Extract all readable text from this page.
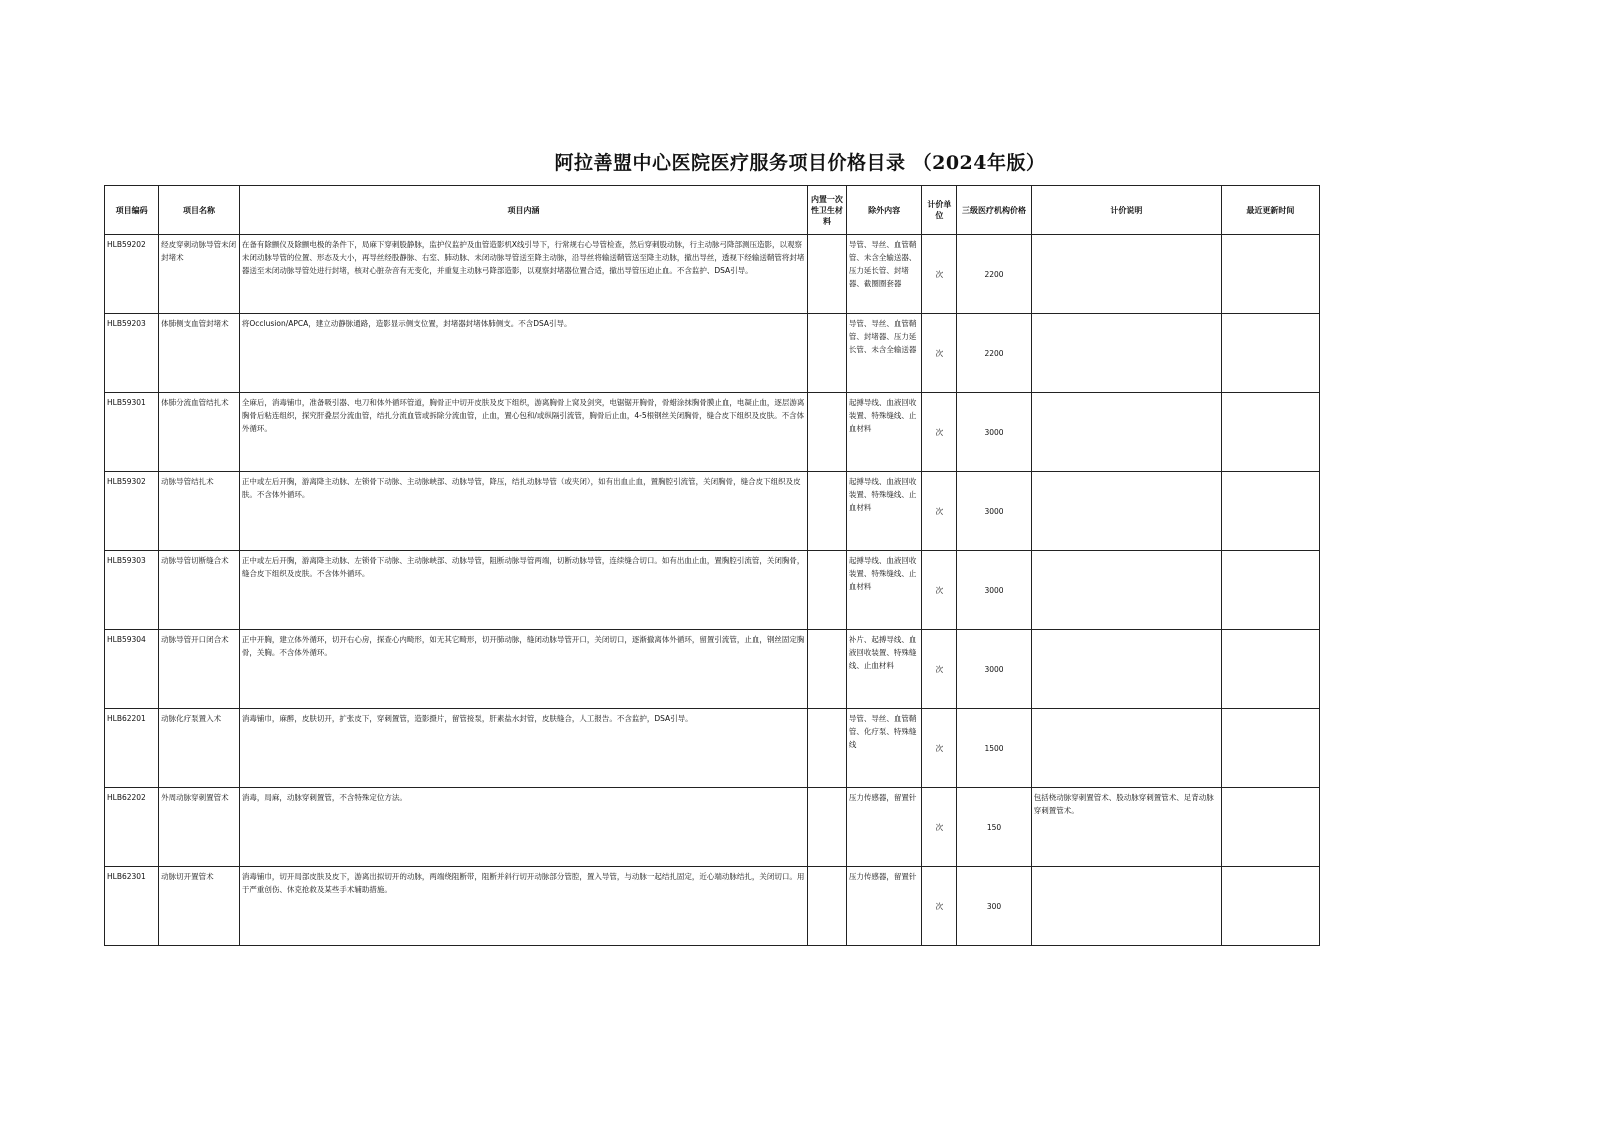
阿拉善盟中心医院医疗服务项目价格目录 （2024年版）
项目编码	项目名称	项目内涵	内置一次性卫生材料	除外内容	计价单位	三级医疗机构价格	计价说明	最近更新时间
HLB59202	经皮穿刺动脉导管未闭封堵术	在备有除颤仪及除颤电极的条件下，局麻下穿刺股静脉，监护仪监护及血管造影机X线引导下，行常规右心导管检查，然后穿刺股动脉，行主动脉弓降部测压造影，以观察未闭动脉导管的位置、形态及大小，再导丝经股静脉、右室、肺动脉、未闭动脉导管送至降主动脉，沿导丝将输送鞘管送至降主动脉，撤出导丝，透视下经输送鞘管将封堵器送至未闭动脉导管处进行封堵，核对心脏杂音有无变化，并重复主动脉弓降部造影，以观察封堵器位置合适，撤出导管压迫止血。不含监护、DSA引导。		导管、导丝、血管鞘管、未含全输送器、压力延长管、封堵器、截圈圈套器	次	2200		
HLB59203	体肺侧支血管封堵术	将Occlusion/APCA，建立动静脉通路，造影显示侧支位置，封堵器封堵体肺侧支。不含DSA引导。		导管、导丝、血管鞘管、封堵器、压力延长管、未含全输送器	次	2200		
HLB59301	体肺分流血管结扎术	全麻后，消毒铺巾，准备吸引器、电刀和体外循环管道，胸骨正中切开皮肤及皮下组织，游离胸骨上窝及剑突，电锯锯开胸骨，骨蜡涂抹胸骨膜止血，电凝止血，逐层游离胸骨后粘连组织，探究肝叠层分流血管，结扎分流血管或拆除分流血管，止血，置心包和/或纵隔引流管，胸骨后止血，4-5根钢丝关闭胸骨，缝合皮下组织及皮肤。不含体外循环。		起搏导线、血液回收装置、特殊缝线、止血材料	次	3000		
HLB59302	动脉导管结扎术	正中或左后开胸，游离降主动脉、左锁骨下动脉、主动脉峡部、动脉导管，降压，结扎动脉导管（或夹闭），如有出血止血，置胸腔引流管，关闭胸骨，缝合皮下组织及皮肤。不含体外循环。		起搏导线、血液回收装置、特殊缝线、止血材料	次	3000		
HLB59303	动脉导管切断缝合术	正中或左后开胸，游离降主动脉、左锁骨下动脉、主动脉峡部、动脉导管，阻断动脉导管两端，切断动脉导管，连续缝合切口。如有出血止血，置胸腔引流管，关闭胸骨，缝合皮下组织及皮肤。不含体外循环。		起搏导线、血液回收装置、特殊缝线、止血材料	次	3000		
HLB59304	动脉导管开口闭合术	正中开胸，建立体外循环，切开右心房，探查心内畸形，如无其它畸形，切开肺动脉，缝闭动脉导管开口，关闭切口，逐渐撤离体外循环，留置引流管，止血，钢丝固定胸骨，关胸。不含体外循环。		补片、起搏导线、血液回收装置、特殊缝线、止血材料	次	3000		
HLB62201	动脉化疗泵置入术	消毒铺巾，麻醉，皮肤切开，扩张皮下，穿刺置管，造影摄片，留管接泵，肝素盐水封管，皮肤缝合，人工报告。不含监护，DSA引导。		导管、导丝、血管鞘管、化疗泵、特殊缝线	次	1500		
HLB62202	外周动脉穿刺置管术	消毒，局麻，动脉穿刺置管，不含特殊定位方法。		压力传感器，留置针	次	150	包括桡动脉穿刺置管术、股动脉穿刺置管术、足背动脉穿刺置管术。	
HLB62301	动脉切开置管术	消毒铺巾，切开局部皮肤及皮下，游离出拟切开的动脉，两端绕阻断带，阻断并斜行切开动脉部分管腔，置入导管，与动脉一起结扎固定，近心端动脉结扎，关闭切口。用于严重创伤、休克抢救及某些手术辅助措施。		压力传感器，留置针	次	300		
